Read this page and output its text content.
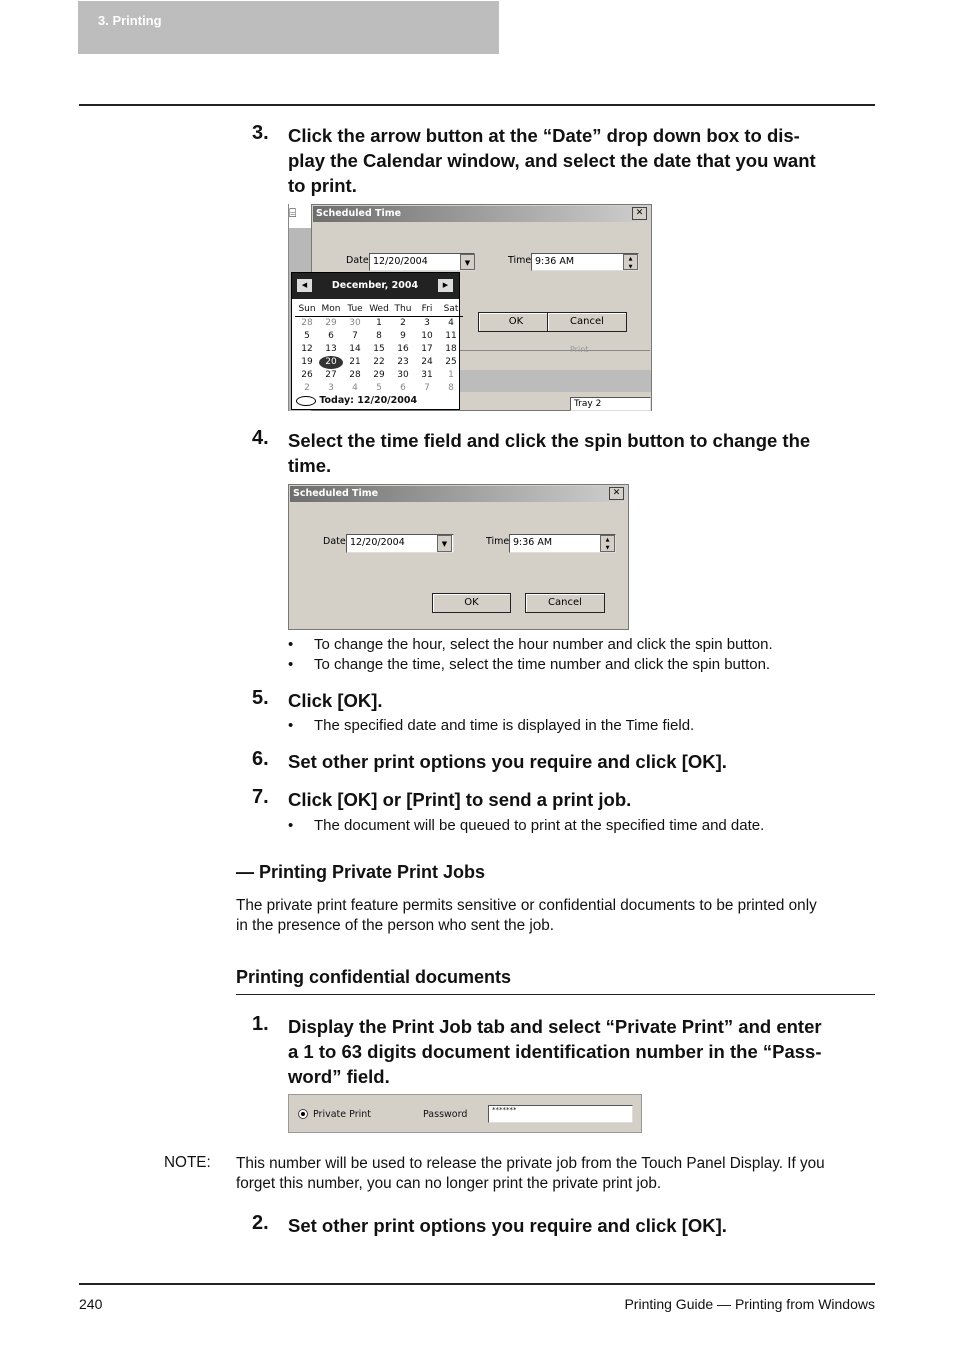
3. Printing
3. Click the arrow button at the “Date” drop down box to dis-
play the Calendar window, and select the date that you want
to print.
⌸	Scheduled Time	✕
Date 12/20/2004	▼	Time 9:36 AM	▲
▼
OK	Cancel
Print
Tray 2
◀	December, 2004	▶
Sun Mon Tue Wed Thu	Fri	Sat
28	29	30	1	2	3	4
5	6	7	8	9	10	11
12	13	14	15	16	17	18
19	20	21	22	23	24	25
26	27	28	29	30	31	1
2	3	4	5	6	7	8
Today: 12/20/2004
4. Select the time field and click the spin button to change the
time.
Scheduled Time	✕
Date 12/20/2004	▼	Time 9:36 AM	▲
▼
OK	Cancel
• To change the hour, select the hour number and click the spin button.
• To change the time, select the time number and click the spin button.
5. Click [OK].
• The specified date and time is displayed in the Time field.
6. Set other print options you require and click [OK].
7. Click [OK] or [Print] to send a print job.
• The document will be queued to print at the specified time and date.
— Printing Private Print Jobs
The private print feature permits sensitive or confidential documents to be printed only
in the presence of the person who sent the job.
Printing confidential documents
1. Display the Print Job tab and select “Private Print” and enter
a 1 to 63 digits document identification number in the “Pass-
word” field.
Private Print	Password	*******
NOTE: This number will be used to release the private job from the Touch Panel Display. If you
forget this number, you can no longer print the private print job.
2. Set other print options you require and click [OK].
240	Printing Guide — Printing from Windows
